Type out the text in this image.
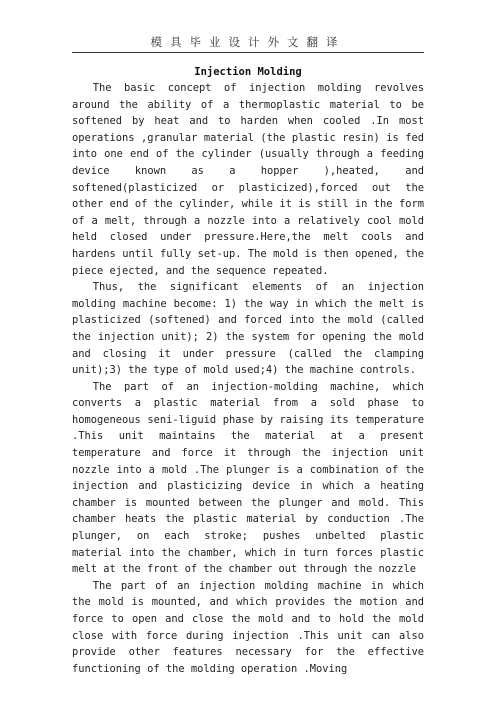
模具毕业设计外文翻译

Injection Molding

The basic concept of injection molding revolves around the ability of a thermoplastic material to be softened by heat and to harden when cooled .In most operations ,granular material (the plastic resin) is fed into one end of the cylinder (usually through a feeding device known as a hopper ),heated, and softened(plasticized or plasticized),forced out the other end of the cylinder, while it is still in the form of a melt, through a nozzle into a relatively cool mold held closed under pressure.Here,the melt cools and hardens until fully set-up. The mold is then opened, the piece ejected, and the sequence repeated.

Thus, the significant elements of an injection molding machine become: 1) the way in which the melt is plasticized (softened) and forced into the mold (called the injection unit); 2) the system for opening the mold and closing it under pressure (called the clamping unit);3) the type of mold used;4) the machine controls.

The part of an injection-molding machine, which converts a plastic material from a sold phase to homogeneous seni-liguid phase by raising its temperature .This unit maintains the material at a present temperature and force it through the injection unit nozzle into a mold .The plunger is a combination of the injection and plasticizing device in which a heating chamber is mounted between the plunger and mold. This chamber heats the plastic material by conduction .The plunger, on each stroke; pushes unbelted plastic material into the chamber, which in turn forces plastic melt at the front of the chamber out through the nozzle

The part of an injection molding machine in which the mold is mounted, and which provides the motion and force to open and close the mold and to hold the mold close with force during injection .This unit can also provide other features necessary for the effective functioning of the molding operation .Moving
